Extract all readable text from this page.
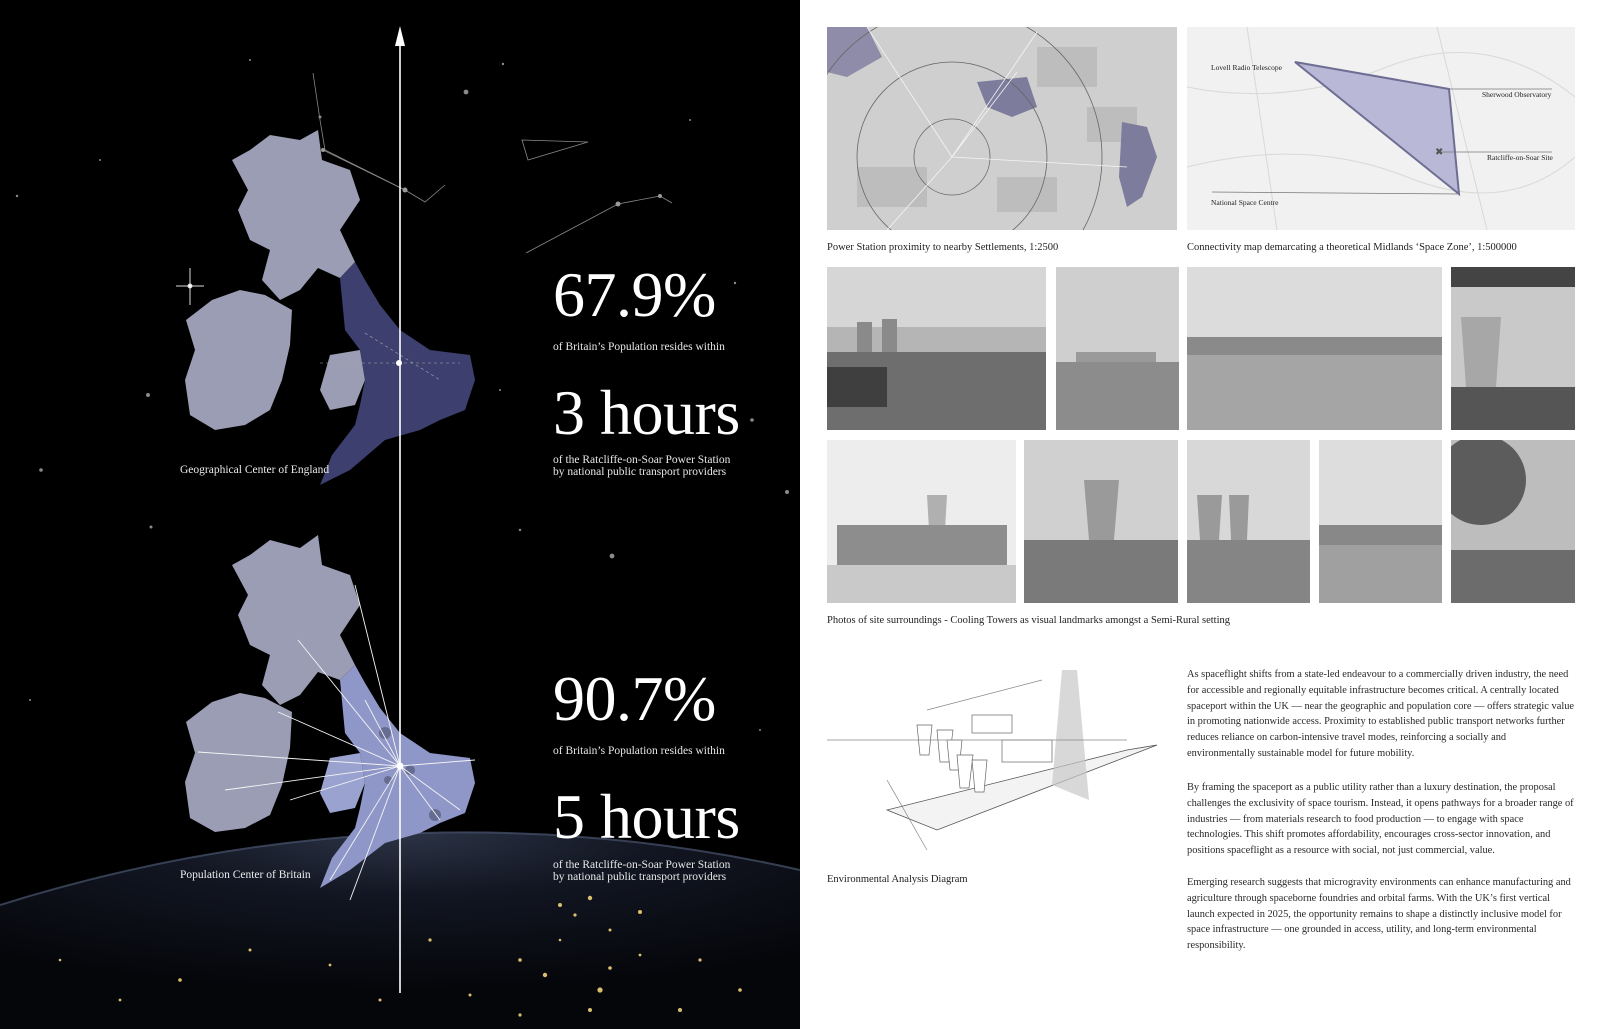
Geographical Center of England
Population Center of Britain
67.9%
of Britain’s Population resides within
3 hours
of the Ratcliffe-on-Soar Power Station
by national public transport providers
90.7%
of Britain’s Population resides within
5 hours
of the Ratcliffe-on-Soar Power Station
by national public transport providers
✖
Lovell Radio Telescope
Sherwood Observatory
Ratcliffe-on-Soar Site
National Space Centre
Power Station proximity to nearby Settlements, 1:2500	Connectivity map demarcating a theoretical Midlands ‘Space Zone’, 1:500000
Photos of site surroundings - Cooling Towers as visual landmarks amongst a Semi-Rural setting
Environmental Analysis Diagram
As spaceflight shifts from a state-led endeavour to a commercially driven industry, the need for accessible and regionally equitable infrastructure becomes critical. A centrally located spaceport within the UK — near the geographic and population core — offers strategic value in promoting nationwide access. Proximity to established public transport networks further reduces reliance on carbon-intensive travel modes, reinforcing a socially and environmentally sustainable model for future mobility.
By framing the spaceport as a public utility rather than a luxury destination, the proposal challenges the exclusivity of space tourism. Instead, it opens pathways for a broader range of industries — from materials research to food production — to engage with space technologies. This shift promotes affordability, encourages cross-sector innovation, and positions spaceflight as a resource with social, not just commercial, value.
Emerging research suggests that microgravity environments can enhance manufacturing and agriculture through spaceborne foundries and orbital farms. With the UK’s first vertical launch expected in 2025, the opportunity remains to shape a distinctly inclusive model for space infrastructure — one grounded in access, utility, and long-term environmental responsibility.
